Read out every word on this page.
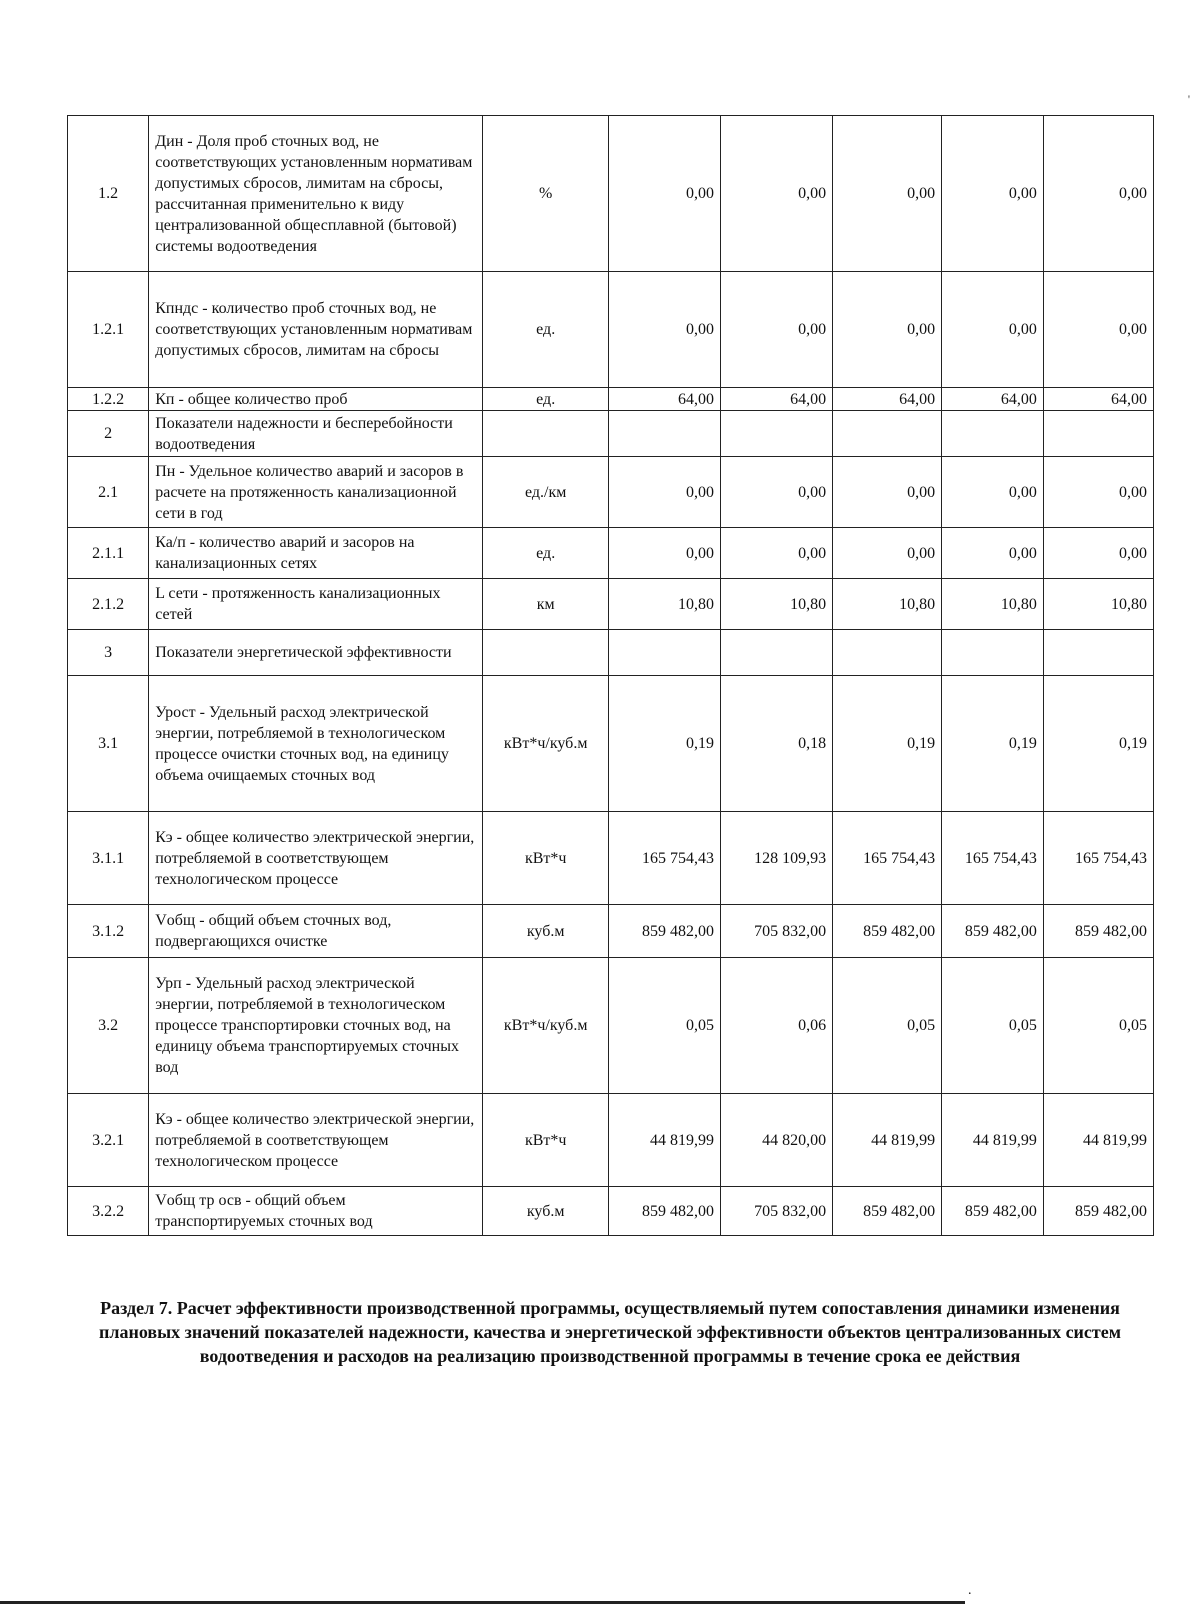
'
1.2	Дин - Доля проб сточных вод, не соответствующих установленным нормативам допустимых сбросов, лимитам на сбросы, рассчитанная применительно к виду централизованной общесплавной (бытовой) системы водоотведения	%	0,00	0,00	0,00	0,00	0,00
1.2.1	Кпндс - количество проб сточных вод, не соответствующих установленным нормативам допустимых сбросов, лимитам на сбросы	ед.	0,00	0,00	0,00	0,00	0,00
1.2.2	Кп - общее количество проб	ед.	64,00	64,00	64,00	64,00	64,00
2	Показатели надежности и бесперебойности водоотведения						
2.1	Пн - Удельное количество аварий и засоров в расчете на протяженность канализационной сети в год	ед./км	0,00	0,00	0,00	0,00	0,00
2.1.1	Ка/п - количество аварий и засоров на канализационных сетях	ед.	0,00	0,00	0,00	0,00	0,00
2.1.2	L сети - протяженность канализационных сетей	км	10,80	10,80	10,80	10,80	10,80
3	Показатели энергетической эффективности						
3.1	Урост - Удельный расход электрической энергии, потребляемой в технологическом процессе очистки сточных вод, на единицу объема очищаемых сточных вод	кВт*ч/куб.м	0,19	0,18	0,19	0,19	0,19
3.1.1	Кэ - общее количество электрической энергии, потребляемой в соответствующем технологическом процессе	кВт*ч	165 754,43	128 109,93	165 754,43	165 754,43	165 754,43
3.1.2	Vобщ - общий объем сточных вод, подвергающихся очистке	куб.м	859 482,00	705 832,00	859 482,00	859 482,00	859 482,00
3.2	Урп - Удельный расход электрической энергии, потребляемой в технологическом процессе транспортировки сточных вод, на единицу объема транспортируемых сточных вод	кВт*ч/куб.м	0,05	0,06	0,05	0,05	0,05
3.2.1	Кэ - общее количество электрической энергии, потребляемой в соответствующем технологическом процессе	кВт*ч	44 819,99	44 820,00	44 819,99	44 819,99	44 819,99
3.2.2	Vобщ тр осв - общий объем транспортируемых сточных вод	куб.м	859 482,00	705 832,00	859 482,00	859 482,00	859 482,00
Раздел 7. Расчет эффективности производственной программы, осуществляемый путем сопоставления динамики изменения плановых значений показателей надежности, качества и энергетической эффективности объектов централизованных систем водоотведения и расходов на реализацию производственной программы в течение срока ее действия
.
